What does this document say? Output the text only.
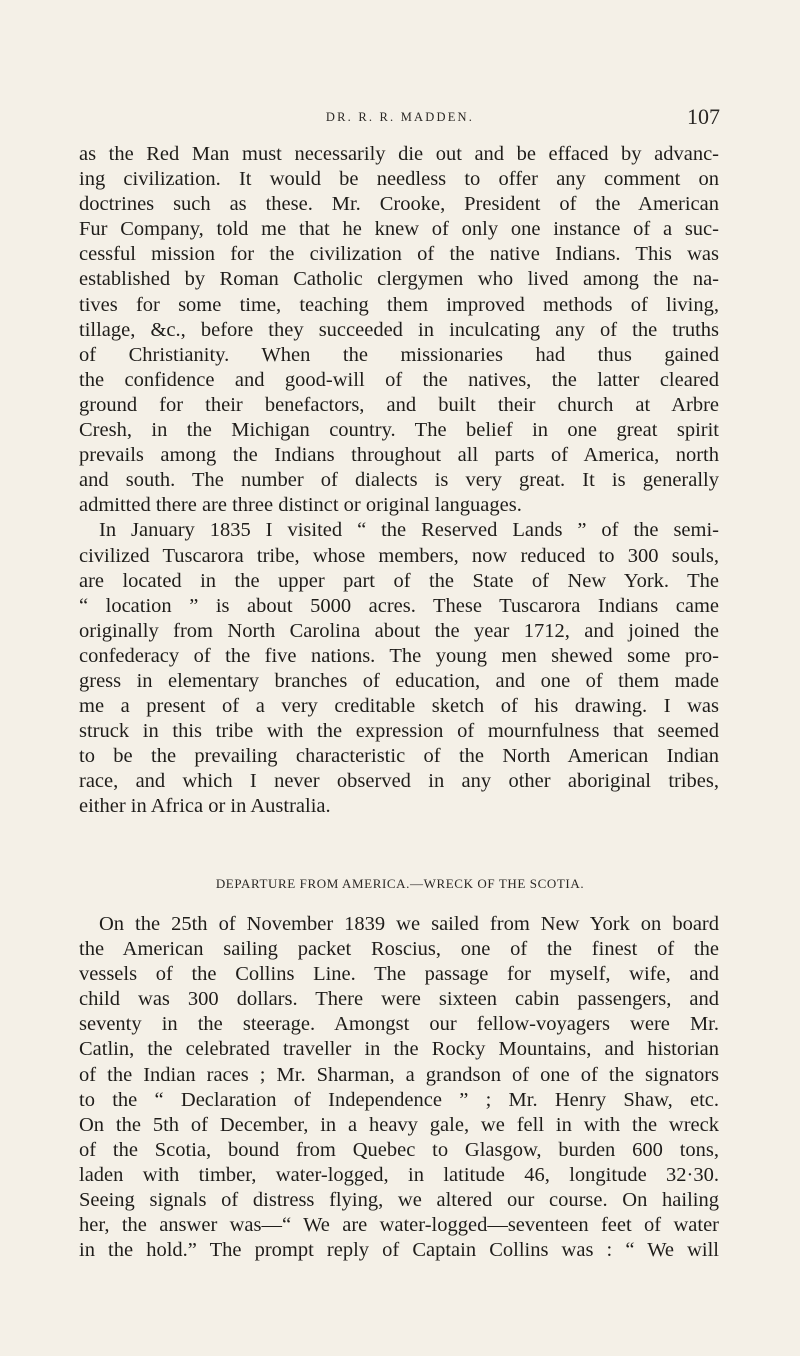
DR. R. R. MADDEN.	107
as the Red Man must necessarily die out and be effaced by advanc-
ing civilization. It would be needless to offer any comment on
doctrines such as these. Mr. Crooke, President of the American
Fur Company, told me that he knew of only one instance of a suc-
cessful mission for the civilization of the native Indians. This was
established by Roman Catholic clergymen who lived among the na-
tives for some time, teaching them improved methods of living,
tillage, &c., before they succeeded in inculcating any of the truths
of Christianity. When the missionaries had thus gained
the confidence and good-will of the natives, the latter cleared
ground for their benefactors, and built their church at Arbre
Cresh, in the Michigan country. The belief in one great spirit
prevails among the Indians throughout all parts of America, north
and south. The number of dialects is very great. It is generally
admitted there are three distinct or original languages.
In January 1835 I visited “ the Reserved Lands ” of the semi-
civilized Tuscarora tribe, whose members, now reduced to 300 souls,
are located in the upper part of the State of New York. The
“ location ” is about 5000 acres. These Tuscarora Indians came
originally from North Carolina about the year 1712, and joined the
confederacy of the five nations. The young men shewed some pro-
gress in elementary branches of education, and one of them made
me a present of a very creditable sketch of his drawing. I was
struck in this tribe with the expression of mournfulness that seemed
to be the prevailing characteristic of the North American Indian
race, and which I never observed in any other aboriginal tribes,
either in Africa or in Australia.
DEPARTURE FROM AMERICA.—WRECK OF THE SCOTIA.
On the 25th of November 1839 we sailed from New York on board
the American sailing packet Roscius, one of the finest of the
vessels of the Collins Line. The passage for myself, wife, and
child was 300 dollars. There were sixteen cabin passengers, and
seventy in the steerage. Amongst our fellow-voyagers were Mr.
Catlin, the celebrated traveller in the Rocky Mountains, and historian
of the Indian races ; Mr. Sharman, a grandson of one of the signators
to the “ Declaration of Independence ” ; Mr. Henry Shaw, etc.
On the 5th of December, in a heavy gale, we fell in with the wreck
of the Scotia, bound from Quebec to Glasgow, burden 600 tons,
laden with timber, water-logged, in latitude 46, longitude 32·30.
Seeing signals of distress flying, we altered our course. On hailing
her, the answer was—“ We are water-logged—seventeen feet of water
in the hold.” The prompt reply of Captain Collins was : “ We will
